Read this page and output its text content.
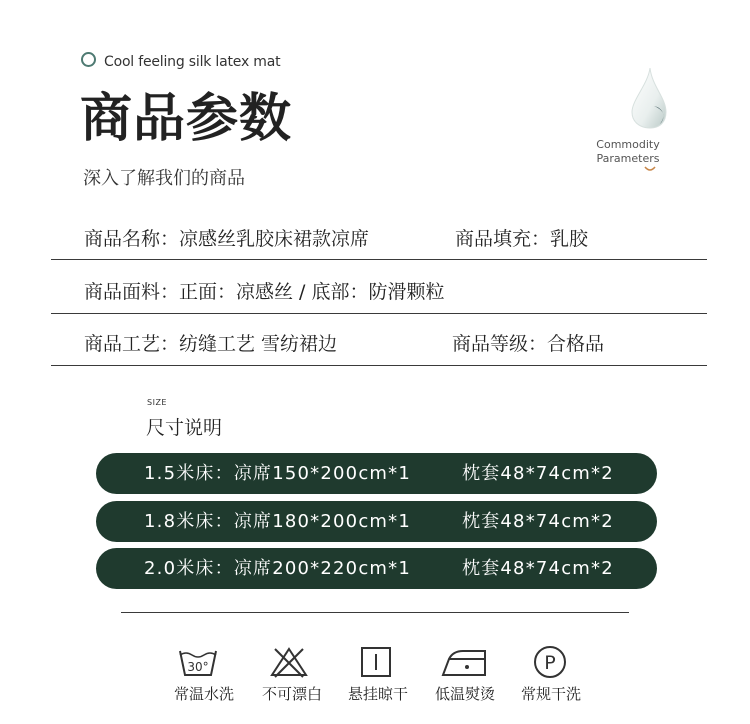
Cool feeling silk latex mat
商品参数
深入了解我们的商品
Commodity
Parameters
商品名称：凉感丝乳胶床裙款凉席	商品填充：乳胶
商品面料：正面：凉感丝 / 底部：防滑颗粒
商品工艺：纺缝工艺 雪纺裙边	商品等级：合格品
SIZE
尺寸说明
1.5米床：凉席150*200cm*1	枕套48*74cm*2
1.8米床：凉席180*200cm*1	枕套48*74cm*2
2.0米床：凉席200*220cm*1	枕套48*74cm*2
30°	P
常温水洗	不可漂白	悬挂晾干	低温熨烫	常规干洗
